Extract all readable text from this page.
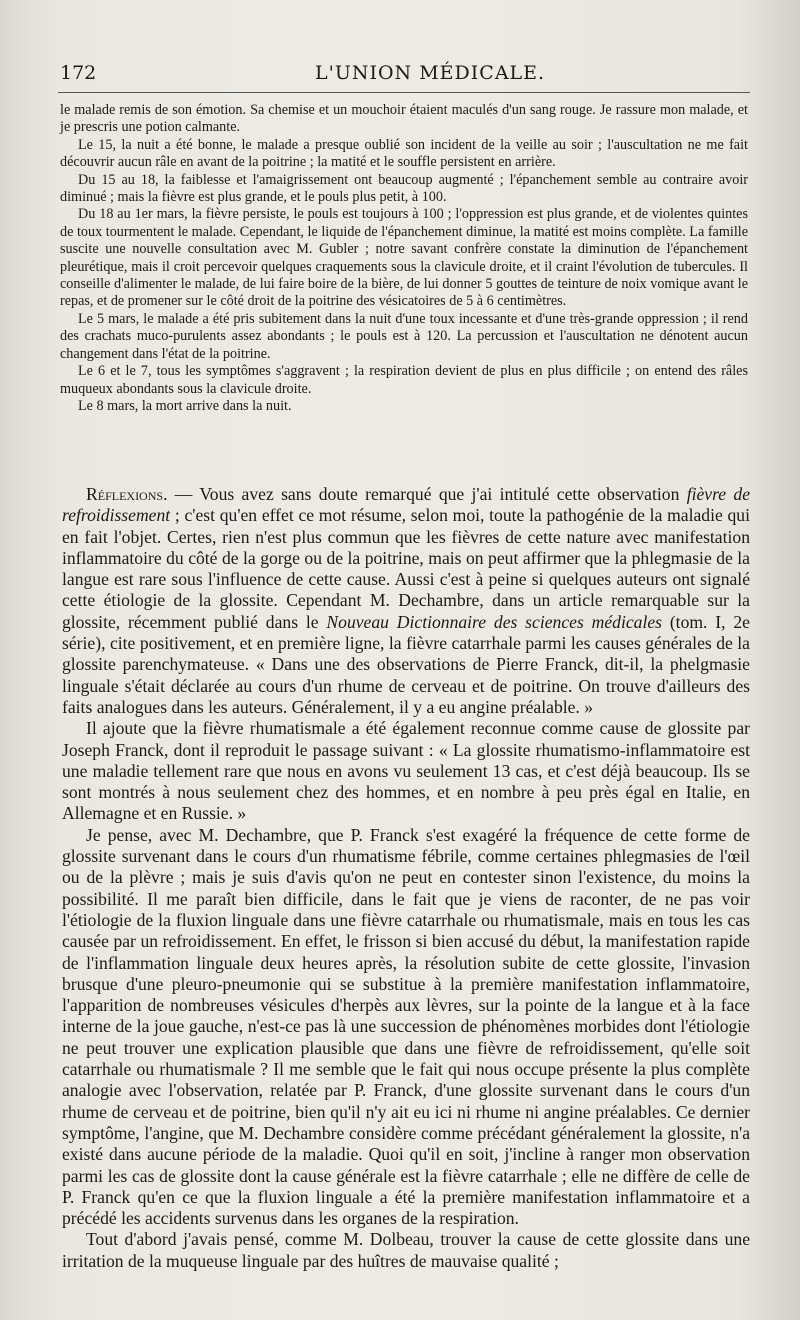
172	L'UNION MÉDICALE.

le malade remis de son émotion. Sa chemise et un mouchoir étaient maculés d'un sang rouge. Je rassure mon malade, et je prescris une potion calmante.

Le 15, la nuit a été bonne, le malade a presque oublié son incident de la veille au soir ; l'auscultation ne me fait découvrir aucun râle en avant de la poitrine ; la matité et le souffle persistent en arrière.

Du 15 au 18, la faiblesse et l'amaigrissement ont beaucoup augmenté ; l'épanchement semble au contraire avoir diminué ; mais la fièvre est plus grande, et le pouls plus petit, à 100.

Du 18 au 1er mars, la fièvre persiste, le pouls est toujours à 100 ; l'oppression est plus grande, et de violentes quintes de toux tourmentent le malade. Cependant, le liquide de l'épanchement diminue, la matité est moins complète. La famille suscite une nouvelle consultation avec M. Gubler ; notre savant confrère constate la diminution de l'épanchement pleurétique, mais il croit percevoir quelques craquements sous la clavicule droite, et il craint l'évolution de tubercules. Il conseille d'alimenter le malade, de lui faire boire de la bière, de lui donner 5 gouttes de teinture de noix vomique avant le repas, et de promener sur le côté droit de la poitrine des vésicatoires de 5 à 6 centimètres.

Le 5 mars, le malade a été pris subitement dans la nuit d'une toux incessante et d'une très-grande oppression ; il rend des crachats muco-purulents assez abondants ; le pouls est à 120. La percussion et l'auscultation ne dénotent aucun changement dans l'état de la poitrine.

Le 6 et le 7, tous les symptômes s'aggravent ; la respiration devient de plus en plus difficile ; on entend des râles muqueux abondants sous la clavicule droite.

Le 8 mars, la mort arrive dans la nuit.

Réflexions. — Vous avez sans doute remarqué que j'ai intitulé cette observation fièvre de refroidissement ; c'est qu'en effet ce mot résume, selon moi, toute la pathogénie de la maladie qui en fait l'objet. Certes, rien n'est plus commun que les fièvres de cette nature avec manifestation inflammatoire du côté de la gorge ou de la poitrine, mais on peut affirmer que la phlegmasie de la langue est rare sous l'influence de cette cause. Aussi c'est à peine si quelques auteurs ont signalé cette étiologie de la glossite. Cependant M. Dechambre, dans un article remarquable sur la glossite, récemment publié dans le Nouveau Dictionnaire des sciences médicales (tom. I, 2e série), cite positivement, et en première ligne, la fièvre catarrhale parmi les causes générales de la glossite parenchymateuse. « Dans une des observations de Pierre Franck, dit-il, la phelgmasie linguale s'était déclarée au cours d'un rhume de cerveau et de poitrine. On trouve d'ailleurs des faits analogues dans les auteurs. Généralement, il y a eu angine préalable. »

Il ajoute que la fièvre rhumatismale a été également reconnue comme cause de glossite par Joseph Franck, dont il reproduit le passage suivant : « La glossite rhumatismo-inflammatoire est une maladie tellement rare que nous en avons vu seulement 13 cas, et c'est déjà beaucoup. Ils se sont montrés à nous seulement chez des hommes, et en nombre à peu près égal en Italie, en Allemagne et en Russie. »

Je pense, avec M. Dechambre, que P. Franck s'est exagéré la fréquence de cette forme de glossite survenant dans le cours d'un rhumatisme fébrile, comme certaines phlegmasies de l'œil ou de la plèvre ; mais je suis d'avis qu'on ne peut en contester sinon l'existence, du moins la possibilité. Il me paraît bien difficile, dans le fait que je viens de raconter, de ne pas voir l'étiologie de la fluxion linguale dans une fièvre catarrhale ou rhumatismale, mais en tous les cas causée par un refroidissement. En effet, le frisson si bien accusé du début, la manifestation rapide de l'inflammation linguale deux heures après, la résolution subite de cette glossite, l'invasion brusque d'une pleuro-pneumonie qui se substitue à la première manifestation inflammatoire, l'apparition de nombreuses vésicules d'herpès aux lèvres, sur la pointe de la langue et à la face interne de la joue gauche, n'est-ce pas là une succession de phénomènes morbides dont l'étiologie ne peut trouver une explication plausible que dans une fièvre de refroidissement, qu'elle soit catarrhale ou rhumatismale ? Il me semble que le fait qui nous occupe présente la plus complète analogie avec l'observation, relatée par P. Franck, d'une glossite survenant dans le cours d'un rhume de cerveau et de poitrine, bien qu'il n'y ait eu ici ni rhume ni angine préalables. Ce dernier symptôme, l'angine, que M. Dechambre considère comme précédant généralement la glossite, n'a existé dans aucune période de la maladie. Quoi qu'il en soit, j'incline à ranger mon observation parmi les cas de glossite dont la cause générale est la fièvre catarrhale ; elle ne diffère de celle de P. Franck qu'en ce que la fluxion linguale a été la première manifestation inflammatoire et a précédé les accidents survenus dans les organes de la respiration.

Tout d'abord j'avais pensé, comme M. Dolbeau, trouver la cause de cette glossite dans une irritation de la muqueuse linguale par des huîtres de mauvaise qualité ;
